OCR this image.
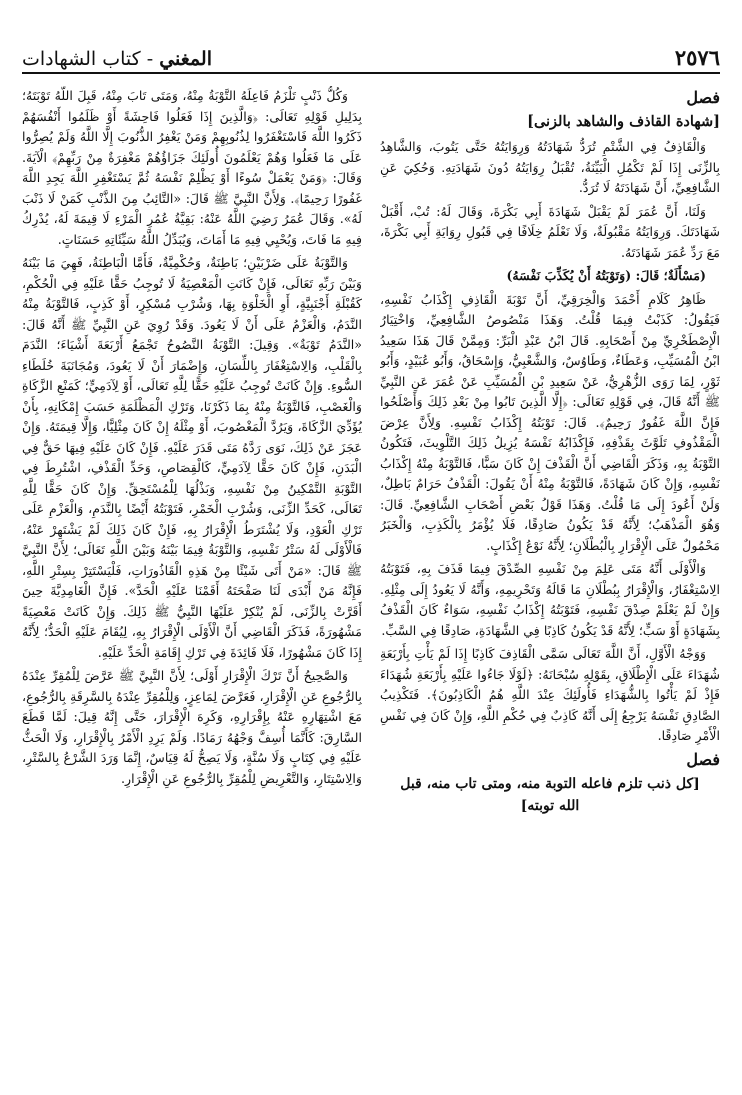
٢٥٧٦
المغني - كتاب الشهادات
فصل
[شهادة القاذف والشاهد بالزنى]

وَالْقَاذِفُ فِي الشَّتْمِ تُرَدُّ شَهَادَتُهُ وَرِوَايَتُهُ حَتَّى يَتُوبَ، وَالشَّاهِدُ بِالزِّنَى إِذَا لَمْ تَكْمُلِ الْبَيِّنَةُ، تُقْبَلُ رِوَايَتُهُ دُونَ شَهَادَتِهِ. وَحُكِيَ عَنِ الشَّافِعِيِّ، أَنَّ شَهَادَتَهُ لَا تُرَدُّ.

وَلَنَا، أَنَّ عُمَرَ لَمْ يَقْبَلْ شَهَادَةَ أَبِي بَكْرَةَ، وَقَالَ لَهُ: تُبْ، أَقْبَلْ شَهَادَتَكَ. وَرِوَايَتُهُ مَقْبُولَةٌ، وَلَا نَعْلَمُ خِلَافًا فِي قَبُولِ رِوَايَةِ أَبِي بَكْرَةَ، مَعَ رَدِّ عُمَرَ شَهَادَتَهُ.

(مَسْأَلَةٌ؛ قَالَ: (وَتَوْبَتُهُ أَنْ يُكَذِّبَ نَفْسَهُ)

ظَاهِرُ كَلَامِ أَحْمَدَ وَالْخِرَقِيِّ، أَنَّ تَوْبَةَ الْقَاذِفِ إِكْذَابُ نَفْسِهِ، فَيَقُولُ: كَذَبْتُ فِيمَا قُلْتُ. وَهَذَا مَنْصُوصُ الشَّافِعِيِّ، وَاخْتِيَارُ الْإِصْطَخْرِيِّ مِنْ أَصْحَابِهِ. قَالَ ابْنُ عَبْدِ الْبَرِّ: وَمِمَّنْ قَالَ هَذَا سَعِيدُ ابْنُ الْمُسَيِّبِ، وَعَطَاءٌ، وَطَاوُسٌ، وَالشَّعْبِيُّ، وَإِسْحَاقُ، وَأَبُو عُبَيْدٍ، وَأَبُو ثَوْرٍ، لِمَا رَوَى الزُّهْرِيُّ، عَنْ سَعِيدِ بْنِ الْمُسَيِّبِ عَنْ عُمَرَ عَنِ النَّبِيِّ ﷺ أَنَّهُ قَالَ، فِي قَوْلِهِ تَعَالَى: ﴿إِلَّا الَّذِينَ تَابُوا مِنْ بَعْدِ ذَلِكَ وَأَصْلَحُوا فَإِنَّ اللَّهَ غَفُورٌ رَحِيمٌ﴾. قَالَ: تَوْبَتُهُ إِكْذَابُ نَفْسِهِ. وَلِأَنَّ عِرْضَ الْمَقْذُوفِ تَلَوَّثَ بِقَذْفِهِ، فَإِكْذَابُهُ نَفْسَهُ يُزِيلُ ذَلِكَ التَّلْوِيثَ، فَتَكُونُ التَّوْبَةُ بِهِ، وَذَكَرَ الْقَاضِي أَنَّ الْقَذْفَ إِنْ كَانَ سَبًّا، فَالتَّوْبَةُ مِنْهُ إِكْذَابُ نَفْسِهِ، وَإِنْ كَانَ شَهَادَةً، فَالتَّوْبَةُ مِنْهُ أَنْ يَقُولَ: الْقَذْفُ حَرَامٌ بَاطِلٌ، وَلَنْ أَعُودَ إِلَى مَا قُلْتُ. وَهَذَا قَوْلُ بَعْضِ أَصْحَابِ الشَّافِعِيِّ. قَالَ: وَهُوَ الْمَذْهَبُ؛ لِأَنَّهُ قَدْ يَكُونُ صَادِقًا، فَلَا يُؤْمَرُ بِالْكَذِبِ، وَالْخَبَرُ مَحْمُولٌ عَلَى الْإِقْرَارِ بِالْبُطْلَانِ؛ لِأَنَّهُ نَوْعُ إِكْذَابٍ.

وَالْأَوْلَى أَنَّهُ مَتَى عَلِمَ مِنْ نَفْسِهِ الصِّدْقَ فِيمَا قَذَفَ بِهِ، فَتَوْبَتُهُ الِاسْتِغْفَارُ، وَالْإِقْرَارُ بِبُطْلَانِ مَا قَالَهُ وَتَحْرِيمِهِ، وَأَنَّهُ لَا يَعُودُ إِلَى مِثْلِهِ. وَإِنْ لَمْ يَعْلَمْ صِدْقَ نَفْسِهِ، فَتَوْبَتُهُ إِكْذَابُ نَفْسِهِ، سَوَاءٌ كَانَ الْقَذْفُ بِشَهَادَةٍ أَوْ سَبٍّ؛ لِأَنَّهُ قَدْ يَكُونُ كَاذِبًا فِي الشَّهَادَةِ، صَادِقًا فِي السَّبِّ.

وَوَجْهُ الْأَوَّلِ، أَنَّ اللَّهَ تَعَالَى سَمَّى الْقَاذِفَ كَاذِبًا إِذَا لَمْ يَأْتِ بِأَرْبَعَةِ شُهَدَاءَ عَلَى الْإِطْلَاقِ، بِقَوْلِهِ سُبْحَانَهُ: ﴿لَوْلَا جَاءُوا عَلَيْهِ بِأَرْبَعَةِ شُهَدَاءَ فَإِذْ لَمْ يَأْتُوا بِالشُّهَدَاءِ فَأُولَئِكَ عِنْدَ اللَّهِ هُمُ الْكَاذِبُونَ﴾. فَتَكْذِيبُ الصَّادِقِ نَفْسَهُ يَرْجِعُ إِلَى أَنَّهُ كَاذِبٌ فِي حُكْمِ اللَّهِ، وَإِنْ كَانَ فِي نَفْسِ الْأَمْرِ صَادِقًا.

فصل
[كل ذنب تلزم فاعله التوبة منه، ومتى تاب منه، قبل الله توبته]

وَكُلُّ ذَنْبٍ تَلْزَمُ فَاعِلَهُ التَّوْبَةُ مِنْهُ، وَمَتَى تَابَ مِنْهُ، قَبِلَ اللَّهُ تَوْبَتَهُ؛ بِدَلِيلِ قَوْلِهِ تَعَالَى: ﴿وَالَّذِينَ إِذَا فَعَلُوا فَاحِشَةً أَوْ ظَلَمُوا أَنْفُسَهُمْ ذَكَرُوا اللَّهَ فَاسْتَغْفَرُوا لِذُنُوبِهِمْ وَمَنْ يَغْفِرُ الذُّنُوبَ إِلَّا اللَّهُ وَلَمْ يُصِرُّوا عَلَى مَا فَعَلُوا وَهُمْ يَعْلَمُونَ أُولَئِكَ جَزَاؤُهُمْ مَغْفِرَةٌ مِنْ رَبِّهِمْ﴾ الْآيَةَ. وَقَالَ: ﴿وَمَنْ يَعْمَلْ سُوءًا أَوْ يَظْلِمْ نَفْسَهُ ثُمَّ يَسْتَغْفِرِ اللَّهَ يَجِدِ اللَّهَ غَفُورًا رَحِيمًا﴾. وَلِأَنَّ النَّبِيَّ ﷺ قَالَ: «التَّائِبُ مِنَ الذَّنْبِ كَمَنْ لَا ذَنْبَ لَهُ». وَقَالَ عُمَرُ رَضِيَ اللَّهُ عَنْهُ: بَقِيَّةُ عُمُرِ الْمَرْءِ لَا قِيمَةَ لَهُ، يُدْرِكُ فِيهِ مَا فَاتَ، وَيُحْيِي فِيهِ مَا أَمَاتَ، وَيُبَدِّلُ اللَّهُ سَيِّئَاتِهِ حَسَنَاتٍ.

وَالتَّوْبَةُ عَلَى ضَرْبَيْنِ؛ بَاطِنَةٌ، وَحُكْمِيَّةٌ، فَأَمَّا الْبَاطِنَةُ، فَهِيَ مَا بَيْنَهُ وَبَيْنَ رَبِّهِ تَعَالَى، فَإِنْ كَانَتِ الْمَعْصِيَةُ لَا تُوجِبُ حَقًّا عَلَيْهِ فِي الْحُكْمِ، كَقُبْلَةِ أَجْنَبِيَّةٍ، أَوِ الْخَلْوَةِ بِهَا، وَشُرْبِ مُسْكِرٍ، أَوْ كَذِبٍ، فَالتَّوْبَةُ مِنْهُ النَّدَمُ، وَالْعَزْمُ عَلَى أَنْ لَا يَعُودَ. وَقَدْ رُوِيَ عَنِ النَّبِيِّ ﷺ أَنَّهُ قَالَ: «النَّدَمُ تَوْبَةٌ». وَقِيلَ: التَّوْبَةُ النَّصُوحُ تَجْمَعُ أَرْبَعَةَ أَشْيَاءَ؛ النَّدَمَ بِالْقَلْبِ، وَالِاسْتِغْفَارَ بِاللِّسَانِ، وَإِضْمَارَ أَنْ لَا يَعُودَ، وَمُجَانَبَةَ خُلَطَاءِ السُّوءِ. وَإِنْ كَانَتْ تُوجِبُ عَلَيْهِ حَقًّا لِلَّهِ تَعَالَى، أَوْ لِآدَمِيٍّ؛ كَمَنْعِ الزَّكَاةِ وَالْغَصْبِ، فَالتَّوْبَةُ مِنْهُ بِمَا ذَكَرْنَا، وَتَرْكِ الْمَظْلَمَةِ حَسَبَ إِمْكَانِهِ، بِأَنْ يُؤَدِّيَ الزَّكَاةَ، وَيَرُدَّ الْمَغْصُوبَ، أَوْ مِثْلَهُ إِنْ كَانَ مِثْلِيًّا، وَإِلَّا قِيمَتَهُ. وَإِنْ عَجَزَ عَنْ ذَلِكَ، نَوَى رَدَّهُ مَتَى قَدَرَ عَلَيْهِ. فَإِنْ كَانَ عَلَيْهِ فِيهَا حَقٌّ فِي الْبَدَنِ، فَإِنْ كَانَ حَقًّا لِآدَمِيٍّ، كَالْقِصَاصِ، وَحَدِّ الْقَذْفِ، اشْتُرِطَ فِي التَّوْبَةِ التَّمْكِينُ مِنْ نَفْسِهِ، وَبَذْلُهَا لِلْمُسْتَحِقِّ. وَإِنْ كَانَ حَقًّا لِلَّهِ تَعَالَى، كَحَدِّ الزِّنَى، وَشُرْبِ الْخَمْرِ، فَتَوْبَتُهُ أَيْضًا بِالنَّدَمِ، وَالْعَزْمِ عَلَى تَرْكِ الْعَوْدِ، وَلَا يُشْتَرَطُ الْإِقْرَارُ بِهِ، فَإِنْ كَانَ ذَلِكَ لَمْ يَشْتَهِرْ عَنْهُ، فَالْأَوْلَى لَهُ سَتْرُ نَفْسِهِ، وَالتَّوْبَةُ فِيمَا بَيْنَهُ وَبَيْنَ اللَّهِ تَعَالَى؛ لِأَنَّ النَّبِيَّ ﷺ قَالَ: «مَنْ أَتَى شَيْئًا مِنْ هَذِهِ الْقَاذُورَاتِ، فَلْيَسْتَتِرْ بِسِتْرِ اللَّهِ، فَإِنَّهُ مَنْ أَبْدَى لَنَا صَفْحَتَهُ أَقَمْنَا عَلَيْهِ الْحَدَّ». فَإِنَّ الْغَامِدِيَّةَ حِينَ أَقَرَّتْ بِالزِّنَى، لَمْ يُنْكِرْ عَلَيْهَا النَّبِيُّ ﷺ ذَلِكَ. وَإِنْ كَانَتْ مَعْصِيَةً مَشْهُورَةً، فَذَكَرَ الْقَاضِي أَنَّ الْأَوْلَى الْإِقْرَارُ بِهِ، لِيُقَامَ عَلَيْهِ الْحَدُّ؛ لِأَنَّهُ إِذَا كَانَ مَشْهُورًا، فَلَا فَائِدَةَ فِي تَرْكِ إِقَامَةِ الْحَدِّ عَلَيْهِ.

وَالصَّحِيحُ أَنَّ تَرْكَ الْإِقْرَارِ أَوْلَى؛ لِأَنَّ النَّبِيَّ ﷺ عَرَّضَ لِلْمُقِرِّ عِنْدَهُ بِالرُّجُوعِ عَنِ الْإِقْرَارِ، فَعَرَّضَ لِمَاعِزٍ، وَلِلْمُقِرِّ عِنْدَهُ بِالسَّرِقَةِ بِالرُّجُوعِ، مَعَ اشْتِهَارِهِ عَنْهُ بِإِقْرَارِهِ، وَكَرِهَ الْإِقْرَارَ، حَتَّى إِنَّهُ قِيلَ: لَمَّا قَطَعَ السَّارِقَ: كَأَنَّمَا أُسِفَّ وَجْهُهُ رَمَادًا. وَلَمْ يَرِدِ الْأَمْرُ بِالْإِقْرَارِ، وَلَا الْحَثُّ عَلَيْهِ فِي كِتَابٍ وَلَا سُنَّةٍ، وَلَا يَصِحُّ لَهُ قِيَاسٌ، إِنَّمَا وَرَدَ الشَّرْعُ بِالسَّتْرِ، وَالِاسْتِتَارِ، وَالتَّعْرِيضِ لِلْمُقِرِّ بِالرُّجُوعِ عَنِ الْإِقْرَارِ.
